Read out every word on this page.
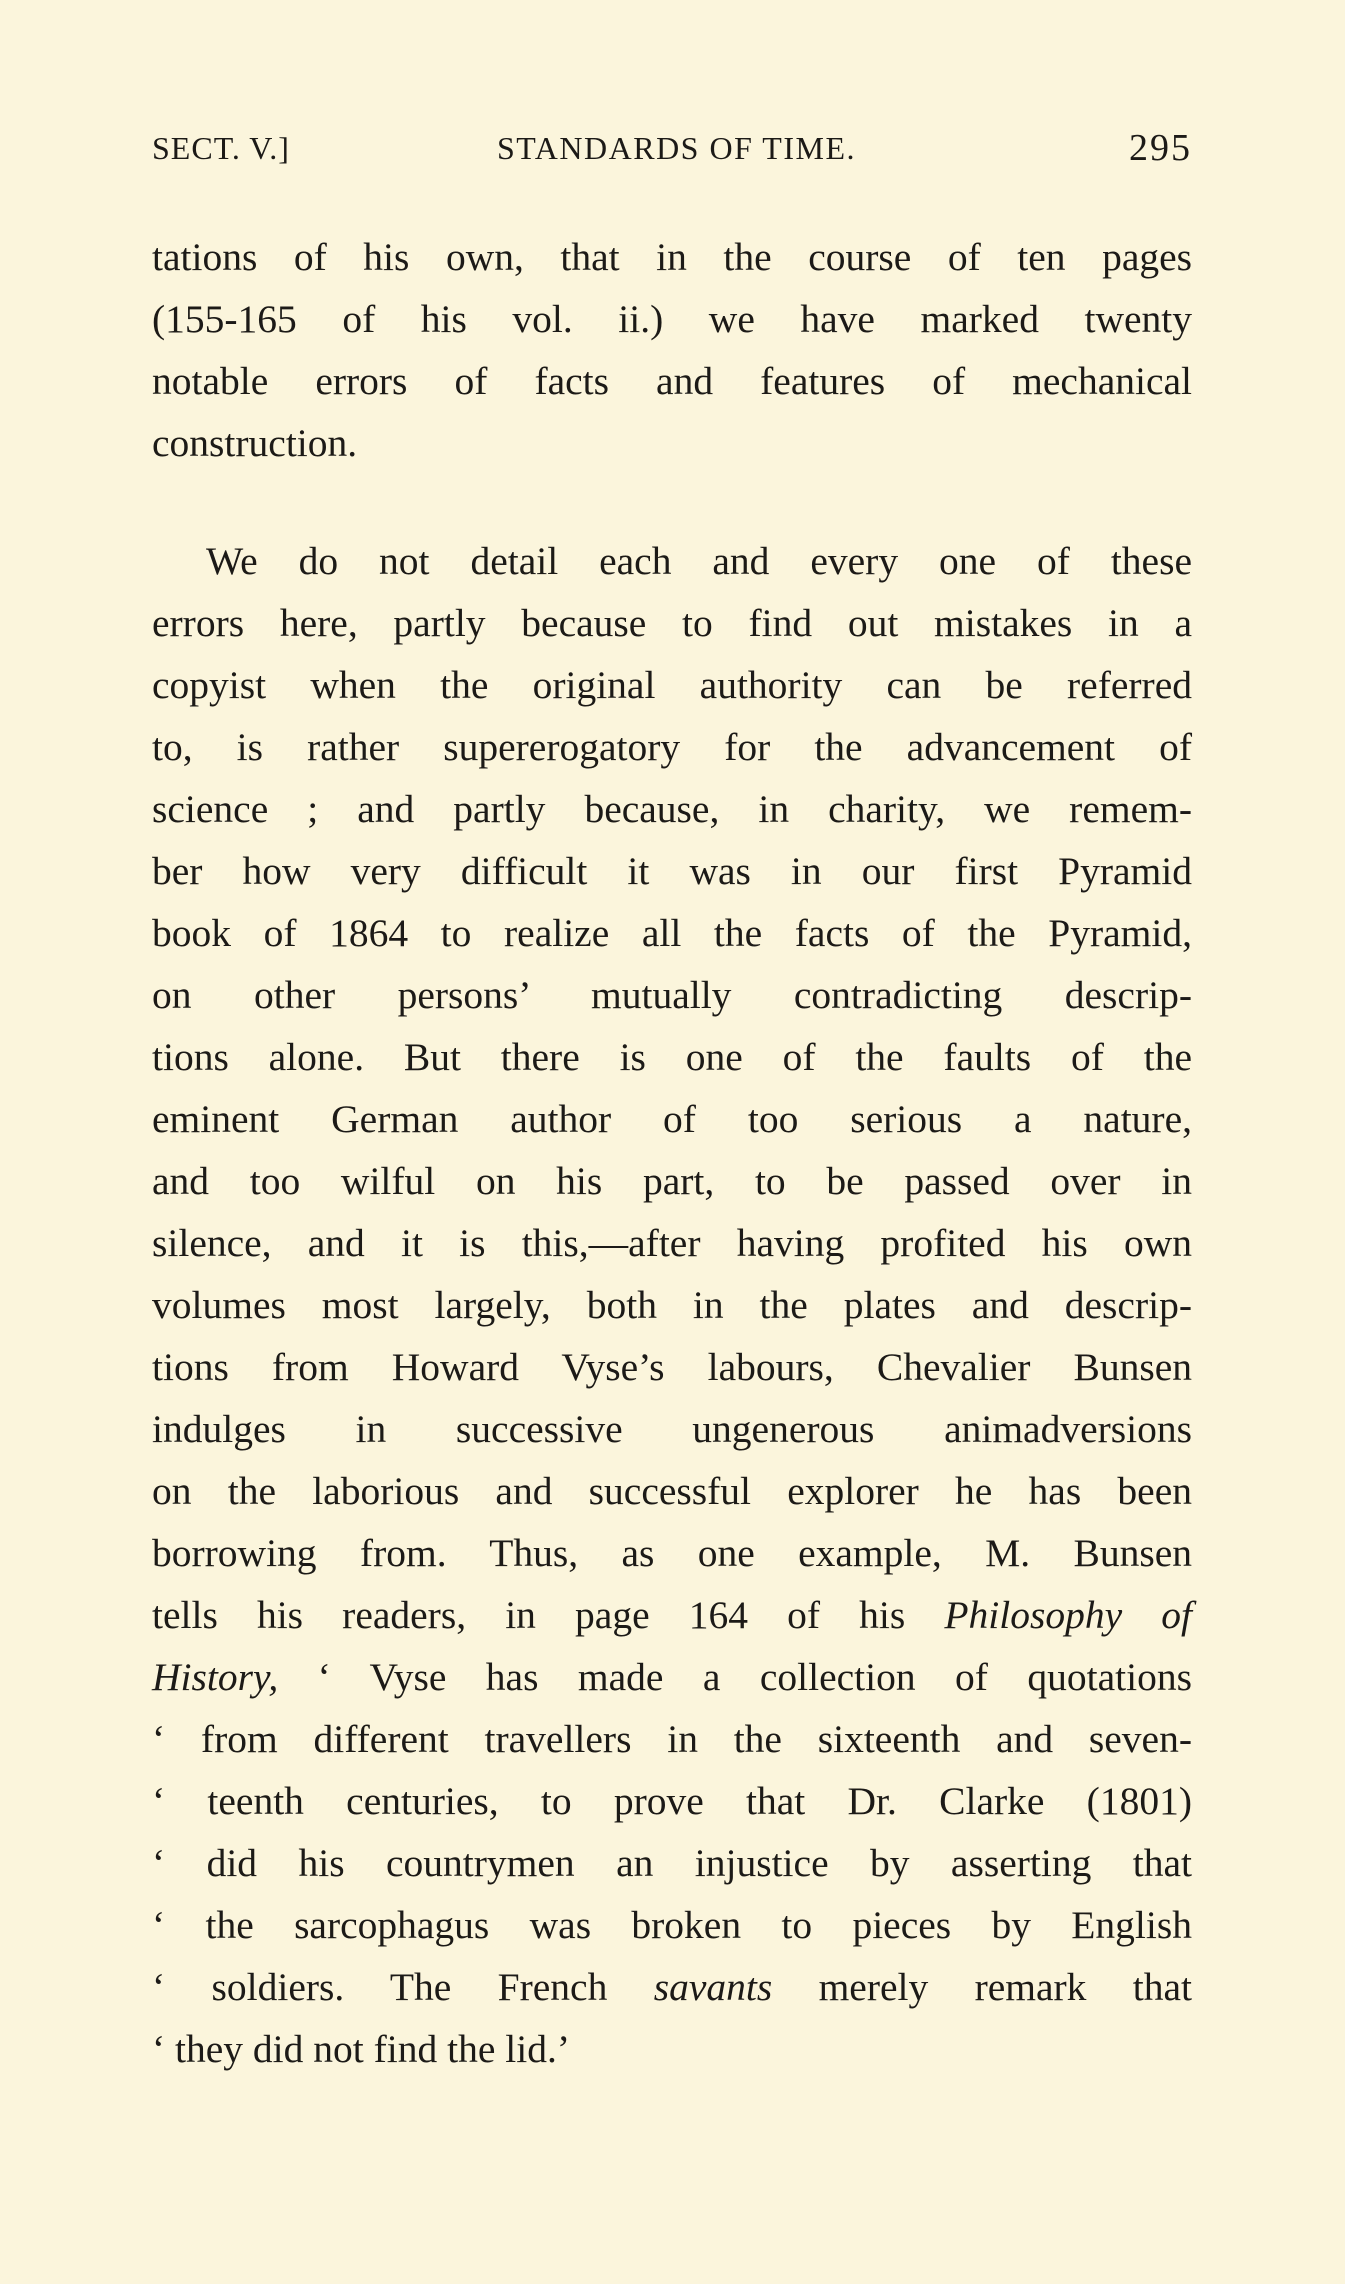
SECT. V.]	STANDARDS OF TIME.	295
tations of his own, that in the course of ten pages
(155-165 of his vol. ii.) we have marked twenty
notable errors of facts and features of mechanical
construction.
We do not detail each and every one of these
errors here, partly because to find out mistakes in a
copyist when the original authority can be referred
to, is rather supererogatory for the advancement of
science ; and partly because, in charity, we remem-
ber how very difficult it was in our first Pyramid
book of 1864 to realize all the facts of the Pyramid,
on other persons’ mutually contradicting descrip-
tions alone. But there is one of the faults of the
eminent German author of too serious a nature,
and too wilful on his part, to be passed over in
silence, and it is this,—after having profited his own
volumes most largely, both in the plates and descrip-
tions from Howard Vyse’s labours, Chevalier Bunsen
indulges in successive ungenerous animadversions
on the laborious and successful explorer he has been
borrowing from. Thus, as one example, M. Bunsen
tells his readers, in page 164 of his Philosophy of
History, ‘ Vyse has made a collection of quotations
‘ from different travellers in the sixteenth and seven-
‘ teenth centuries, to prove that Dr. Clarke (1801)
‘ did his countrymen an injustice by asserting that
‘ the sarcophagus was broken to pieces by English
‘ soldiers. The French savants merely remark that
‘ they did not find the lid.’
